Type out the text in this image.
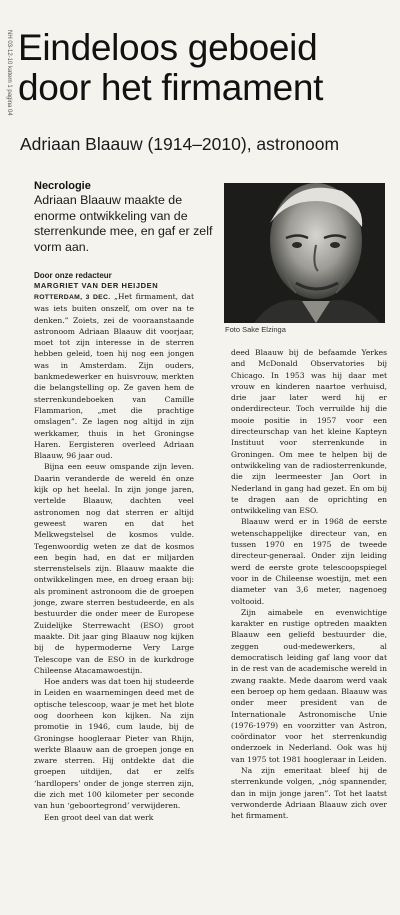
NH 03-12-10 katern 1 pagina 04 Eindeloos geboeid
door het firmament
Adriaan Blaauw (1914–2010), astronoom
Necrologie

Adriaan Blaauw maakte de enorme ontwikkeling van de sterrenkunde mee, en gaf er zelf vorm aan.

Foto Sake Elzinga
Door onze redacteur
MARGRIET VAN DER HEIJDEN

ROTTERDAM, 3 DEC. „Het firmament, dat was iets buiten onszelf, om over na te denken.” Zoiets, zei de vooraanstaande astronoom Adriaan Blaauw dit voorjaar, moet tot zijn interesse in de sterren hebben geleid, toen hij nog een jongen was in Amsterdam. Zijn ouders, bankmedewerker en huisvrouw, merkten die belangstelling op. Ze gaven hem de sterrenkundeboeken van Camille Flammarion, „met die prachtige omslagen”. Ze lagen nog altijd in zijn werkkamer, thuis in het Groningse Haren. Eergisteren overleed Adriaan Blaauw, 96 jaar oud.

Bijna een eeuw omspande zijn leven. Daarin veranderde de wereld én onze kijk op het heelal. In zijn jonge jaren, vertelde Blaauw, dachten veel astronomen nog dat sterren er altijd geweest waren en dat het Melkwegstelsel de kosmos vulde. Tegenwoordig weten ze dat de kosmos een begin had, en dat er miljarden sterrenstelsels zijn. Blaauw maakte die ontwikkelingen mee, en droeg eraan bij: als prominent astronoom die de groepen jonge, zware sterren bestudeerde, en als bestuurder die onder meer de Europese Zuidelijke Sterrewacht (ESO) groot maakte. Dit jaar ging Blaauw nog kijken bij de hypermoderne Very Large Telescope van de ESO in de kurkdroge Chileense Atacamawoestijn.

Hoe anders was dat toen hij studeerde in Leiden en waarnemingen deed met de optische telescoop, waar je met het blote oog doorheen kon kijken. Na zijn promotie in 1946, cum laude, bij de Groningse hoogleraar Pieter van Rhijn, werkte Blaauw aan de groepen jonge en zware sterren. Hij ontdekte dat die groepen uitdijen, dat er zelfs ‘hardlopers’ onder de jonge sterren zijn, die zich met 100 kilometer per seconde van hun ‘geboortegrond’ verwijderen.

Een groot deel van dat werk

deed Blaauw bij de befaamde Yerkes and McDonald Observatories bij Chicago. In 1953 was hij daar met vrouw en kinderen naartoe verhuisd, drie jaar later werd hij er onderdirecteur. Toch verruilde hij die mooie positie in 1957 voor een directeurschap van het kleine Kapteyn Instituut voor sterrenkunde in Groningen. Om mee te helpen bij de ontwikkeling van de radiosterrenkunde, die zijn leermeester Jan Oort in Nederland in gang had gezet. En om bij te dragen aan de oprichting en ontwikkeling van ESO.

Blaauw werd er in 1968 de eerste wetenschappelijke directeur van, en tussen 1970 en 1975 de tweede directeur-generaal. Onder zijn leiding werd de eerste grote telescoopspiegel voor in de Chileense woestijn, met een diameter van 3,6 meter, nagenoeg voltooid.

Zijn aimabele en evenwichtige karakter en rustige optreden maakten Blaauw een geliefd bestuurder die, zeggen oud-medewerkers, al democratisch leiding gaf lang voor dat in de rest van de academische wereld in zwang raakte. Mede daarom werd vaak een beroep op hem gedaan. Blaauw was onder meer president van de Internationale Astronomische Unie (1976-1979) en voorzitter van Astron, coördinator voor het sterrenkundig onderzoek in Nederland. Ook was hij van 1975 tot 1981 hoogleraar in Leiden.

Na zijn emeritaat bleef hij de sterrenkunde volgen, „nóg spannender, dan in mijn jonge jaren”. Tot het laatst verwonderde Adriaan Blaauw zich over het firmament.
